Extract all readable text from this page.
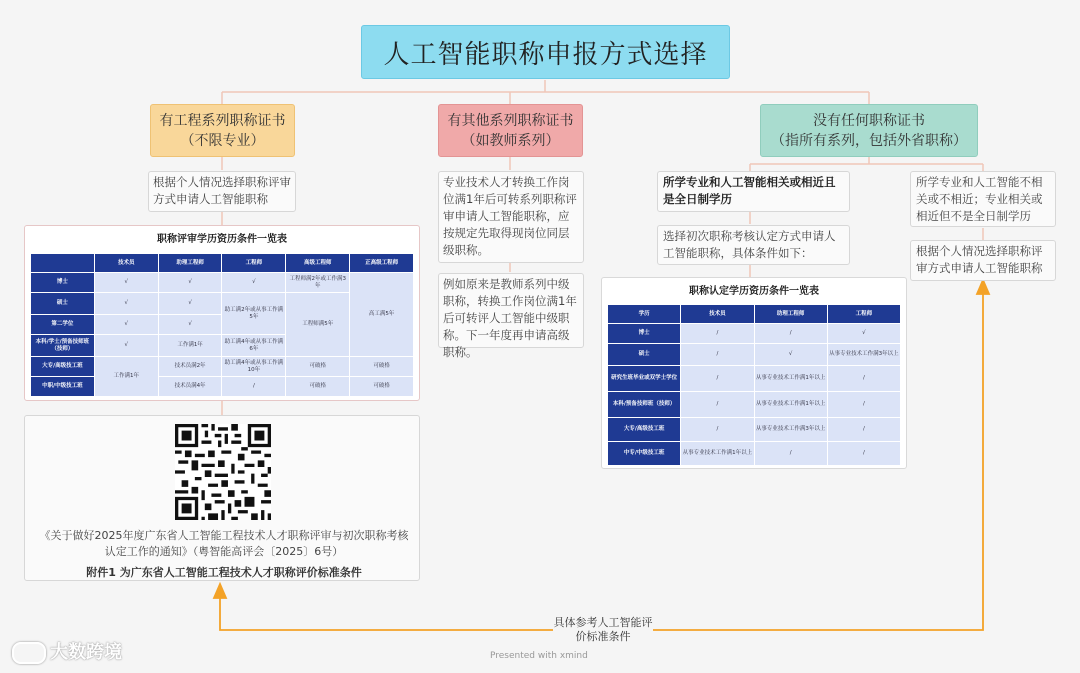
人工智能职称申报方式选择
有工程系列职称证书
（不限专业）
有其他系列职称证书
（如教师系列）
没有任何职称证书
（指所有系列，包括外省职称）
根据个人情况选择职称评审方式申请人工智能职称
职称评审学历资历条件一览表
	技术员	助理工程师	工程师	高级工程师	正高级工程师
博士	√	√	√	工程师满2年或工作满3年	高工满5年
硕士	√	√	助工满2年或从事工作满5年	工程师满5年	
第二学位	√	√			
本科/学士/预备技师班（技师）	√	工作满1年	助工满4年或从事工作满6年		
大专/高级技工班	工作满1年	技术员满2年	助工满4年或从事工作满10年	可破格	可破格
中职/中级技工班		技术员满4年	/	可破格	可破格
《关于做好2025年度广东省人工智能工程技术人才职称评审与初次职称考核认定工作的通知》（粤智能高评会〔2025〕6号）
附件1 为广东省人工智能工程技术人才职称评价标准条件
专业技术人才转换工作岗位满1年后可转系列职称评审申请人工智能职称，应按规定先取得现岗位同层级职称。
例如原来是教师系列中级职称，转换工作岗位满1年后可转评人工智能中级职称。下一年度再申请高级职称。
所学专业和人工智能相关或相近且是全日制学历
所学专业和人工智能不相关或不相近；专业相关或相近但不是全日制学历
选择初次职称考核认定方式申请人工智能职称，具体条件如下：	根据个人情况选择职称评审方式申请人工智能职称
职称认定学历资历条件一览表
学历	技术员	助理工程师	工程师
博士	/	/	√
硕士	/	√	从事专业技术工作满3年以上
研究生班毕业或双学士学位	/	从事专业技术工作满1年以上	/
本科/预备技师班（技师）	/	从事专业技术工作满1年以上	/
大专/高级技工班	/	从事专业技术工作满3年以上	/
中专/中级技工班	从事专业技术工作满1年以上	/	/
具体参考人工智能评价标准条件
Presented with xmind
大数跨境
